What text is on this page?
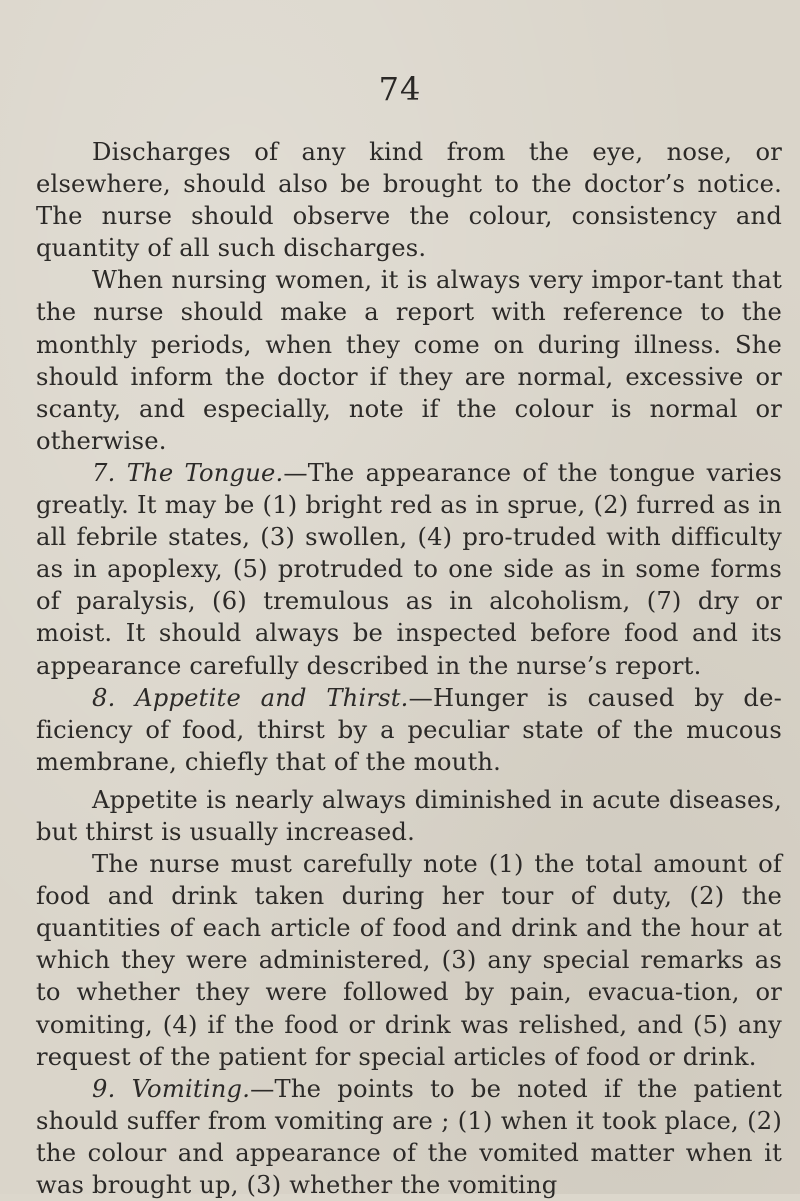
74

Discharges of any kind from the eye, nose, or elsewhere, should also be brought to the doctor’s notice. The nurse should observe the colour, consistency and quantity of all such discharges.

When nursing women, it is always very impor-tant that the nurse should make a report with reference to the monthly periods, when they come on during illness. She should inform the doctor if they are normal, excessive or scanty, and especially, note if the colour is normal or otherwise.

7. The Tongue.—The appearance of the tongue varies greatly. It may be (1) bright red as in sprue, (2) furred as in all febrile states, (3) swollen, (4) pro-truded with difficulty as in apoplexy, (5) protruded to one side as in some forms of paralysis, (6) tremulous as in alcoholism, (7) dry or moist. It should always be inspected before food and its appearance carefully described in the nurse’s report.

8. Appetite and Thirst.—Hunger is caused by de-ficiency of food, thirst by a peculiar state of the mucous membrane, chiefly that of the mouth.

Appetite is nearly always diminished in acute diseases, but thirst is usually increased.

The nurse must carefully note (1) the total amount of food and drink taken during her tour of duty, (2) the quantities of each article of food and drink and the hour at which they were administered, (3) any special remarks as to whether they were followed by pain, evacua-tion, or vomiting, (4) if the food or drink was relished, and (5) any request of the patient for special articles of food or drink.

9. Vomiting.—The points to be noted if the patient should suffer from vomiting are ; (1) when it took place, (2) the colour and appearance of the vomited matter when it was brought up, (3) whether the vomiting
